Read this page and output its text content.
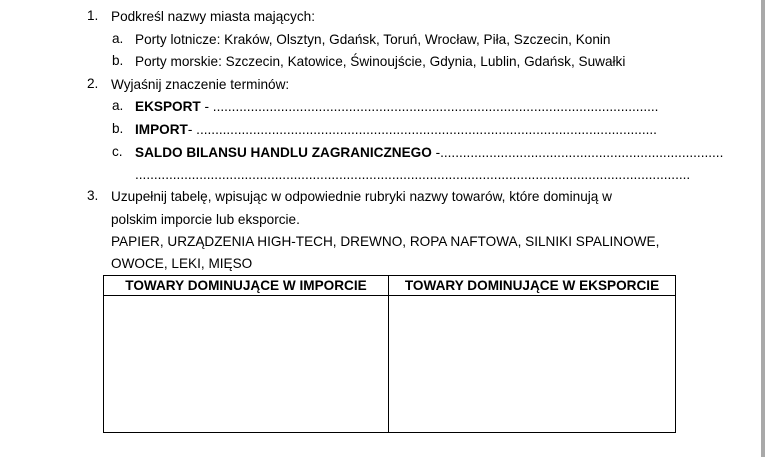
1. Podkreśl nazwy miasta mających:
a. Porty lotnicze: Kraków, Olsztyn, Gdańsk, Toruń, Wrocław, Piła, Szczecin, Konin
b. Porty morskie: Szczecin, Katowice, Świnoujście, Gdynia, Lublin, Gdańsk, Suwałki
2. Wyjaśnij znaczenie terminów:
a. EKSPORT - ......................................................................................................................
b. IMPORT- ..........................................................................................................................
c. SALDO BILANSU HANDLU ZAGRANICZNEGO -...........................................................................
...................................................................................................................................................
3. Uzupełnij tabelę, wpisując w odpowiednie rubryki nazwy towarów, które dominują w
polskim imporcie lub eksporcie.
PAPIER, URZĄDZENIA HIGH-TECH, DREWNO, ROPA NAFTOWA, SILNIKI SPALINOWE,
OWOCE, LEKI, MIĘSO
TOWARY DOMINUJĄCE W IMPORCIE	TOWARY DOMINUJĄCE W EKSPORCIE
